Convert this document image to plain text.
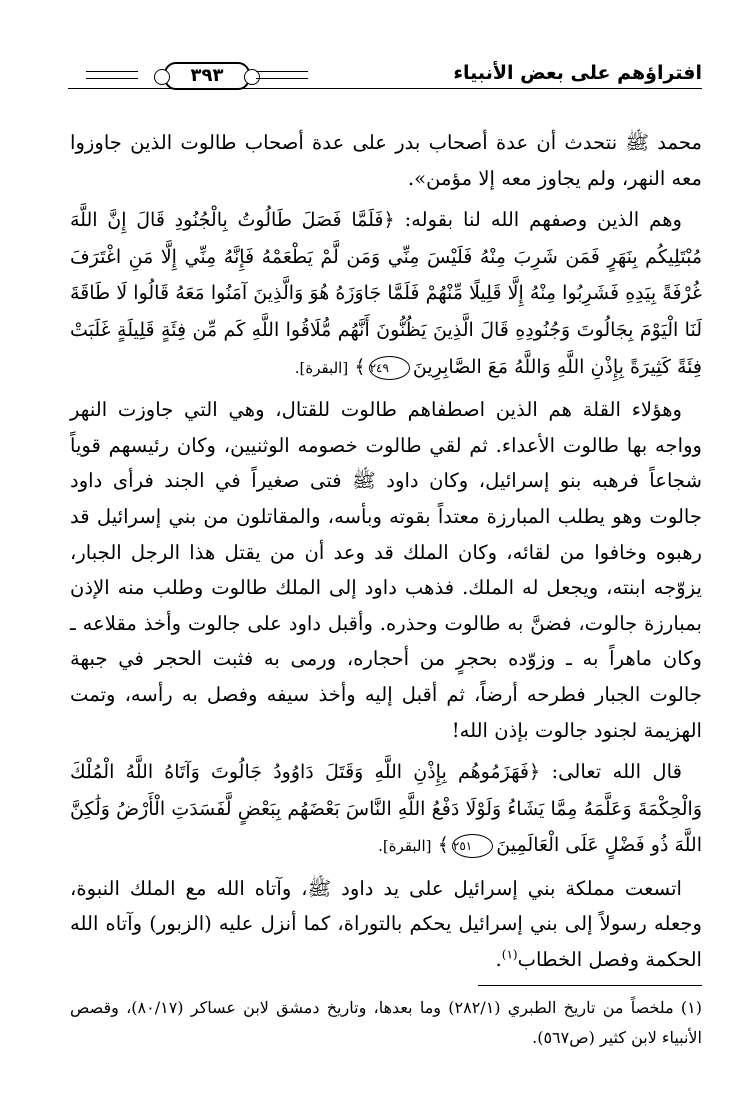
افتراؤهم على بعض الأنبياء
٣٩٣

محمد ﷺ نتحدث أن عدة أصحاب بدر على عدة أصحاب طالوت الذين جاوزوا معه النهر، ولم يجاوز معه إلا مؤمن».

وهم الذين وصفهم الله لنا بقوله: ﴿فَلَمَّا فَصَلَ طَالُوتُ بِالْجُنُودِ قَالَ إِنَّ اللَّهَ مُبْتَلِيكُم بِنَهَرٍ فَمَن شَرِبَ مِنْهُ فَلَيْسَ مِنِّي وَمَن لَّمْ يَطْعَمْهُ فَإِنَّهُ مِنِّي إِلَّا مَنِ اغْتَرَفَ غُرْفَةً بِيَدِهِ فَشَرِبُوا مِنْهُ إِلَّا قَلِيلًا مِّنْهُمْ فَلَمَّا جَاوَزَهُ هُوَ وَالَّذِينَ آمَنُوا مَعَهُ قَالُوا لَا طَاقَةَ لَنَا الْيَوْمَ بِجَالُوتَ وَجُنُودِهِ قَالَ الَّذِينَ يَظُنُّونَ أَنَّهُم مُّلَاقُوا اللَّهِ كَم مِّن فِئَةٍ قَلِيلَةٍ غَلَبَتْ فِئَةً كَثِيرَةً بِإِذْنِ اللَّهِ وَاللَّهُ مَعَ الصَّابِرِينَ٢٤٩﴾ [البقرة].

وهؤلاء القلة هم الذين اصطفاهم طالوت للقتال، وهي التي جاوزت النهر وواجه بها طالوت الأعداء. ثم لقي طالوت خصومه الوثنيين، وكان رئيسهم قوياً شجاعاً فرهبه بنو إسرائيل، وكان داود ﷺ فتى صغيراً في الجند فرأى داود جالوت وهو يطلب المبارزة معتداً بقوته وبأسه، والمقاتلون من بني إسرائيل قد رهبوه وخافوا من لقائه، وكان الملك قد وعد أن من يقتل هذا الرجل الجبار، يزوّجه ابنته، ويجعل له الملك. فذهب داود إلى الملك طالوت وطلب منه الإذن بمبارزة جالوت، فضنَّ به طالوت وحذره. وأقبل داود على جالوت وأخذ مقلاعه ـ وكان ماهراً به ـ وزوّده بحجرٍ من أحجاره، ورمى به فثبت الحجر في جبهة جالوت الجبار فطرحه أرضاً، ثم أقبل إليه وأخذ سيفه وفصل به رأسه، وتمت الهزيمة لجنود جالوت بإذن الله!

قال الله تعالى: ﴿فَهَزَمُوهُم بِإِذْنِ اللَّهِ وَقَتَلَ دَاوُودُ جَالُوتَ وَآتَاهُ اللَّهُ الْمُلْكَ وَالْحِكْمَةَ وَعَلَّمَهُ مِمَّا يَشَاءُ وَلَوْلَا دَفْعُ اللَّهِ النَّاسَ بَعْضَهُم بِبَعْضٍ لَّفَسَدَتِ الْأَرْضُ وَلَٰكِنَّ اللَّهَ ذُو فَضْلٍ عَلَى الْعَالَمِينَ٢٥١﴾ [البقرة].

اتسعت مملكة بني إسرائيل على يد داود ﷺ، وآتاه الله مع الملك النبوة، وجعله رسولاً إلى بني إسرائيل يحكم بالتوراة، كما أنزل عليه (الزبور) وآتاه الله الحكمة وفصل الخطاب$^{(١)}$.

(١) ملخصاً من تاريخ الطبري (٢٨٢/١) وما بعدها، وتاريخ دمشق لابن عساكر (٨٠/١٧)، وقصص الأنبياء لابن كثير (ص٥٦٧).
